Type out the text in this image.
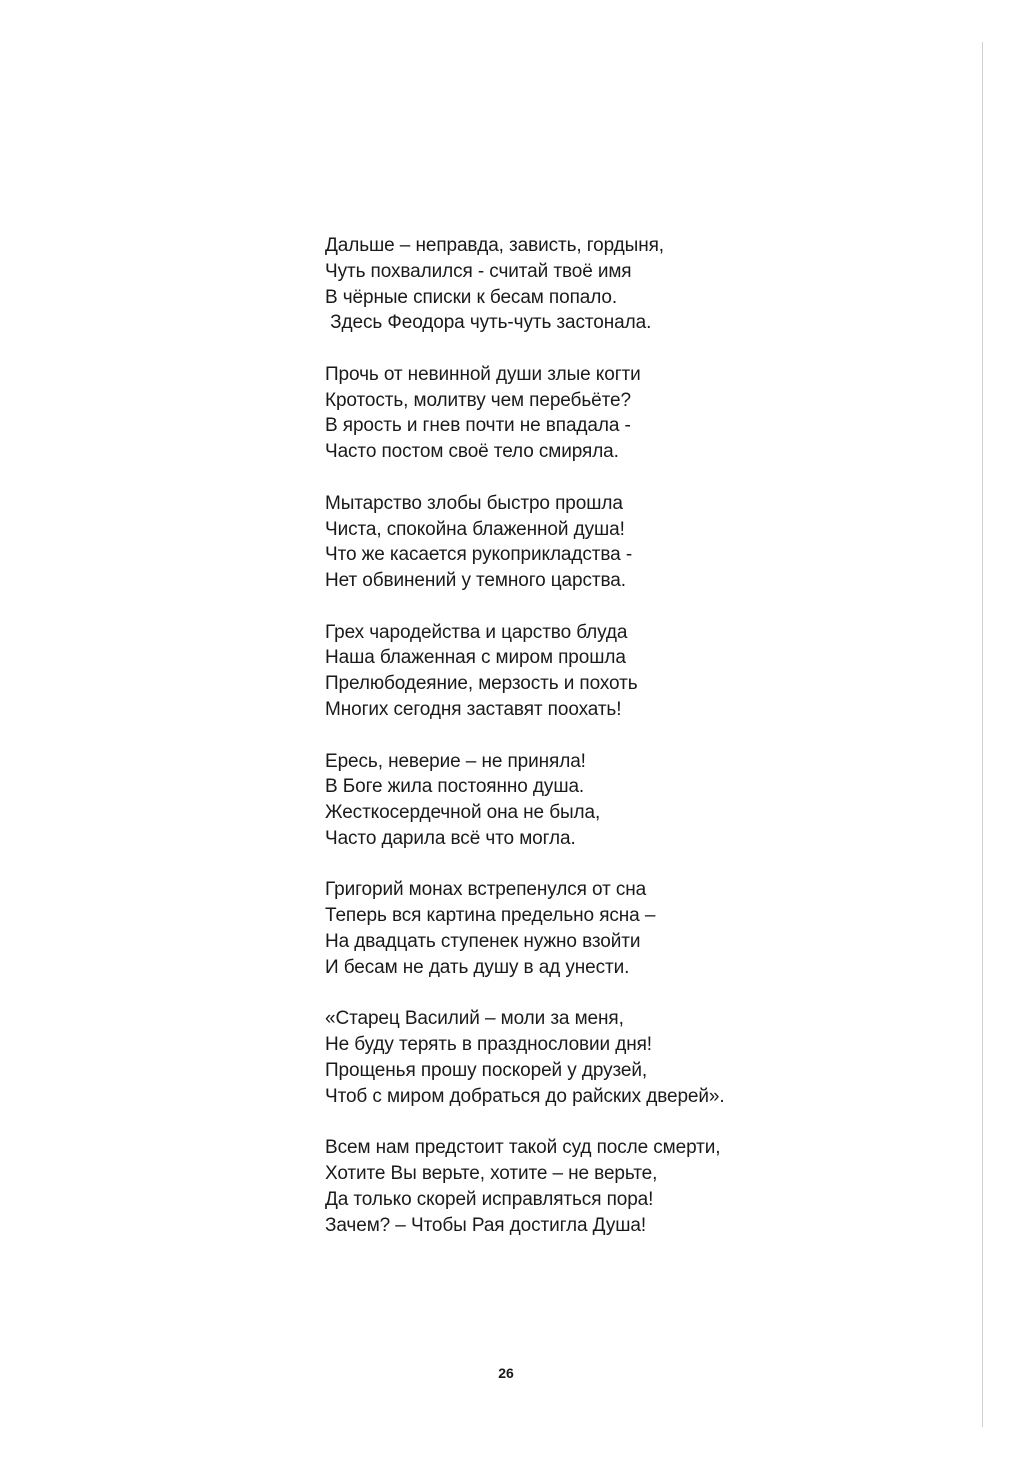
Дальше – неправда, зависть, гордыня,
Чуть похвалился - считай твоё имя
В чёрные списки к бесам попало.
Здесь Феодора чуть-чуть застонала.
Прочь от невинной души злые когти
Кротость, молитву чем перебьёте?
В ярость и гнев почти не впадала -
Часто постом своё тело смиряла.
Мытарство злобы быстро прошла
Чиста, спокойна блаженной душа!
Что же касается рукоприкладства -
Нет обвинений у темного царства.
Грех чародейства и царство блуда
Наша блаженная с миром прошла
Прелюбодеяние, мерзость и похоть
Многих сегодня заставят поохать!
Ересь, неверие – не приняла!
В Боге жила постоянно душа.
Жесткосердечной она не была,
Часто дарила всё что могла.
Григорий монах встрепенулся от сна
Теперь вся картина предельно ясна –
На двадцать ступенек нужно взойти
И бесам не дать душу в ад унести.
«Старец Василий – моли за меня,
Не буду терять в празднословии дня!
Прощенья прошу поскорей у друзей,
Чтоб с миром добраться до райских дверей».
Всем нам предстоит такой суд после смерти,
Хотите Вы верьте, хотите – не верьте,
Да только скорей исправляться пора!
Зачем? – Чтобы Рая достигла Душа!
26
